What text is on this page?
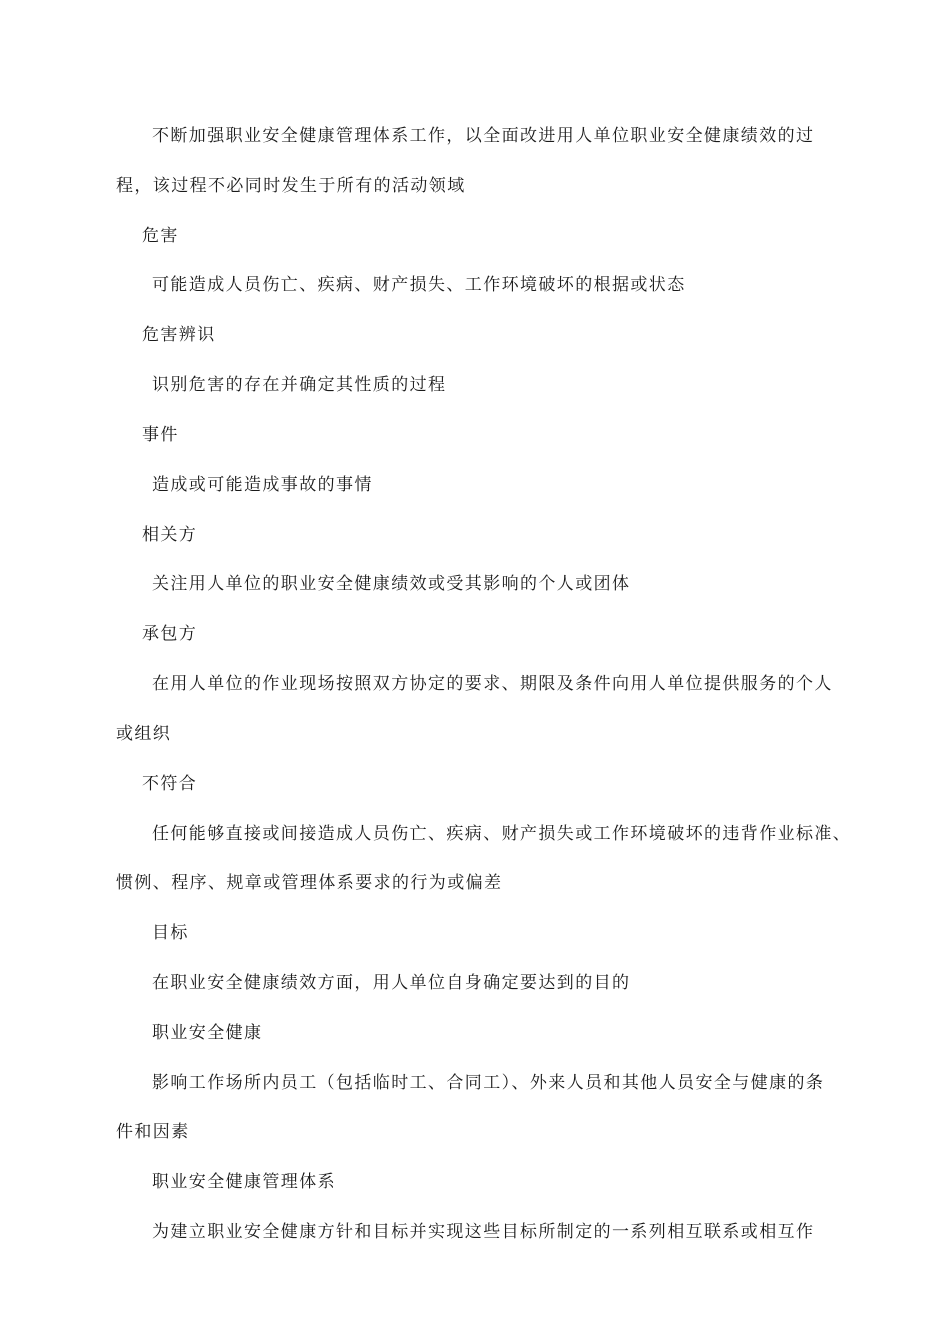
不断加强职业安全健康管理体系工作，以全面改进用人单位职业安全健康绩效的过
程，该过程不必同时发生于所有的活动领域
危害
可能造成人员伤亡、疾病、财产损失、工作环境破坏的根据或状态
危害辨识
识别危害的存在并确定其性质的过程
事件
造成或可能造成事故的事情
相关方
关注用人单位的职业安全健康绩效或受其影响的个人或团体
承包方
在用人单位的作业现场按照双方协定的要求、期限及条件向用人单位提供服务的个人
或组织
不符合
任何能够直接或间接造成人员伤亡、疾病、财产损失或工作环境破坏的违背作业标准、
惯例、程序、规章或管理体系要求的行为或偏差
目标
在职业安全健康绩效方面，用人单位自身确定要达到的目的
职业安全健康
影响工作场所内员工（包括临时工、合同工）、外来人员和其他人员安全与健康的条
件和因素
职业安全健康管理体系
为建立职业安全健康方针和目标并实现这些目标所制定的一系列相互联系或相互作
